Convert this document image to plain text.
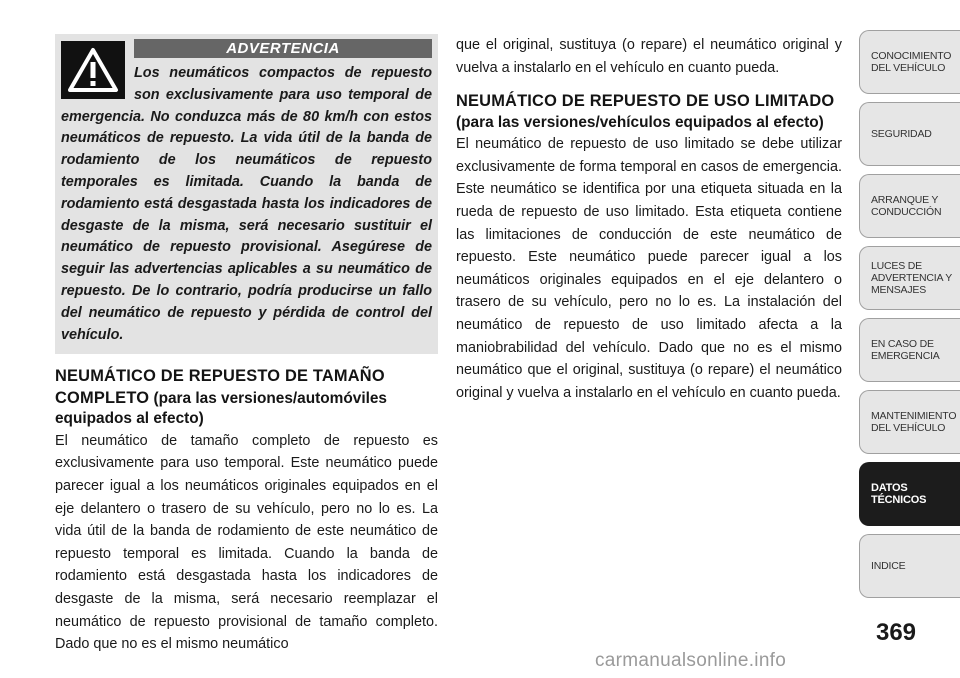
ADVERTENCIA

Los neumáticos compactos de repuesto son exclusivamente para uso temporal de emergencia. No conduzca más de 80 km/h con estos neumáticos de repuesto. La vida útil de la banda de rodamiento de los neumáticos de repuesto temporales es limitada. Cuando la banda de rodamiento está desgastada hasta los indicadores de desgaste de la misma, será necesario sustituir el neumático de repuesto provisional. Asegúrese de seguir las advertencias aplicables a su neumático de repuesto. De lo contrario, podría producirse un fallo del neumático de repuesto y pérdida de control del vehículo.

NEUMÁTICO DE REPUESTO DE TAMAÑO COMPLETO (para las versiones/automóviles equipados al efecto)

El neumático de tamaño completo de repuesto es exclusivamente para uso temporal. Este neumático puede parecer igual a los neumáticos originales equipados en el eje delantero o trasero de su vehículo, pero no lo es. La vida útil de la banda de rodamiento de este neumático de repuesto temporal es limitada. Cuando la banda de rodamiento está desgastada hasta los indicadores de desgaste de la misma, será necesario reemplazar el neumático de repuesto provisional de tamaño completo. Dado que no es el mismo neumático

que el original, sustituya (o repare) el neumático original y vuelva a instalarlo en el vehículo en cuanto pueda.

NEUMÁTICO DE REPUESTO DE USO LIMITADO (para las versiones/vehículos equipados al efecto)

El neumático de repuesto de uso limitado se debe utilizar exclusivamente de forma temporal en casos de emergencia. Este neumático se identifica por una etiqueta situada en la rueda de repuesto de uso limitado. Esta etiqueta contiene las limitaciones de conducción de este neumático de repuesto. Este neumático puede parecer igual a los neumáticos originales equipados en el eje delantero o trasero de su vehículo, pero no lo es. La instalación del neumático de repuesto de uso limitado afecta a la maniobrabilidad del vehículo. Dado que no es el mismo neumático que el original, sustituya (o repare) el neumático original y vuelva a instalarlo en el vehículo en cuanto pueda.

CONOCIMIENTO
DEL VEHÍCULO
SEGURIDAD
ARRANQUE Y
CONDUCCIÓN
LUCES DE
ADVERTENCIA Y
MENSAJES
EN CASO DE
EMERGENCIA
MANTENIMIENTO
DEL VEHÍCULO
DATOS
TÉCNICOS
INDICE
369
carmanualsonline.info
